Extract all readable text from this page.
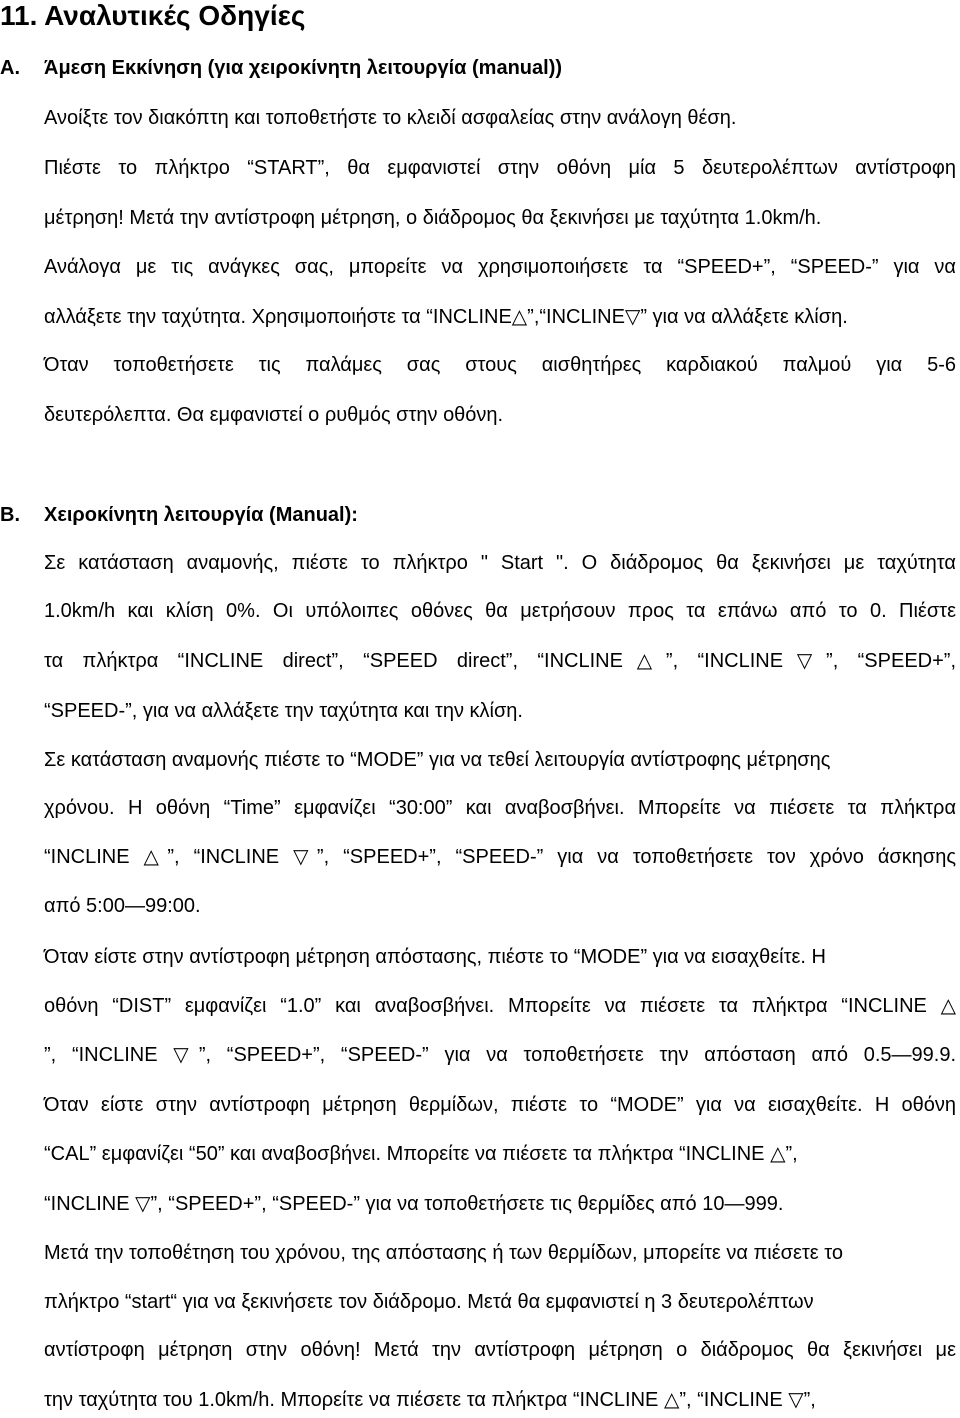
11. Αναλυτικές Οδηγίες
A. Άμεση Εκκίνηση (για χειροκίνητη λειτουργία (manual))
Ανοίξτε τον διακόπτη και τοποθετήστε το κλειδί ασφαλείας στην ανάλογη θέση.
Πιέστε το πλήκτρο “START”, θα εμφανιστεί στην οθόνη μία 5 δευτερολέπτων αντίστροφη
μέτρηση! Μετά την αντίστροφη μέτρηση, ο διάδρομος θα ξεκινήσει με ταχύτητα 1.0km/h.
Ανάλογα με τις ανάγκες σας, μπορείτε να χρησιμοποιήσετε τα “SPEED+”, “SPEED-” για να
αλλάξετε την ταχύτητα. Χρησιμοποιήστε τα “INCLINE△”,“INCLINE▽” για να αλλάξετε κλίση.
Όταν τοποθετήσετε τις παλάμες σας στους αισθητήρες καρδιακού παλμού για 5-6
δευτερόλεπτα. Θα εμφανιστεί ο ρυθμός στην οθόνη.
B. Χειροκίνητη λειτουργία (Manual):
Σε κατάσταση αναμονής, πιέστε το πλήκτρο " Start ". Ο διάδρομος θα ξεκινήσει με ταχύτητα
1.0km/h και κλίση 0%. Οι υπόλοιπες οθόνες θα μετρήσουν προς τα επάνω από το 0. Πιέστε
τα πλήκτρα “INCLINE direct”, “SPEED direct”, “INCLINE△”, “INCLINE▽”, “SPEED+”,
“SPEED-”, για να αλλάξετε την ταχύτητα και την κλίση.
Σε κατάσταση αναμονής πιέστε το “MODE” για να τεθεί λειτουργία αντίστροφης μέτρησης
χρόνου. Η οθόνη “Time” εμφανίζει “30:00” και αναβοσβήνει. Μπορείτε να πιέσετε τα πλήκτρα
“INCLINE △”, “INCLINE ▽”, “SPEED+”, “SPEED-” για να τοποθετήσετε τον χρόνο άσκησης
από 5:00—99:00.
Όταν είστε στην αντίστροφη μέτρηση απόστασης, πιέστε το “MODE” για να εισαχθείτε. Η
οθόνη “DIST” εμφανίζει “1.0” και αναβοσβήνει. Μπορείτε να πιέσετε τα πλήκτρα “INCLINE △
”, “INCLINE ▽”, “SPEED+”, “SPEED-” για να τοποθετήσετε την απόσταση από 0.5—99.9.
Όταν είστε στην αντίστροφη μέτρηση θερμίδων, πιέστε το “MODE” για να εισαχθείτε. Η οθόνη
“CAL” εμφανίζει “50” και αναβοσβήνει. Μπορείτε να πιέσετε τα πλήκτρα “INCLINE △”,
“INCLINE ▽”, “SPEED+”, “SPEED-” για να τοποθετήσετε τις θερμίδες από 10—999.
Μετά την τοποθέτηση του χρόνου, της απόστασης ή των θερμίδων, μπορείτε να πιέσετε το
πλήκτρο “start“ για να ξεκινήσετε τον διάδρομο. Μετά θα εμφανιστεί η 3 δευτερολέπτων
αντίστροφη μέτρηση στην οθόνη! Μετά την αντίστροφη μέτρηση ο διάδρομος θα ξεκινήσει με
την ταχύτητα του 1.0km/h. Μπορείτε να πιέσετε τα πλήκτρα “INCLINE △”, “INCLINE ▽”,
